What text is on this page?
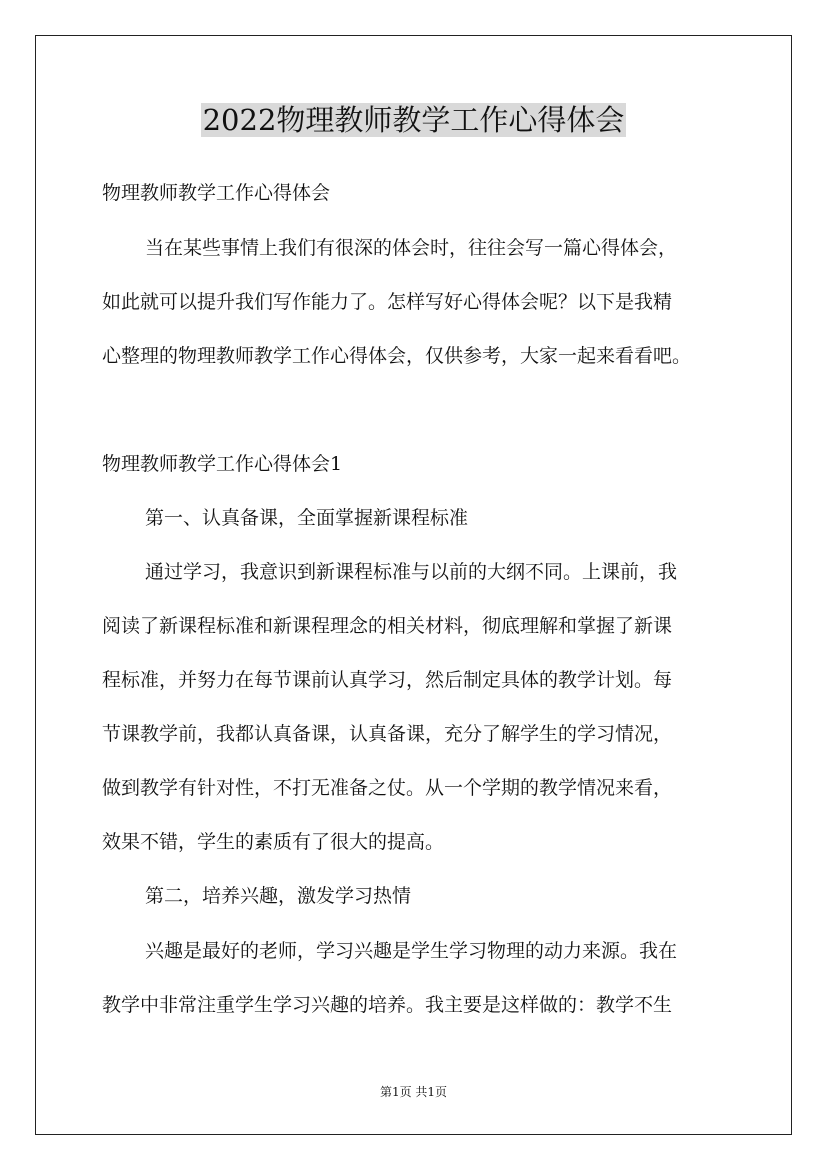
2022物理教师教学工作心得体会
物理教师教学工作心得体会
当在某些事情上我们有很深的体会时，往往会写一篇心得体会，
如此就可以提升我们写作能力了。怎样写好心得体会呢？以下是我精
心整理的物理教师教学工作心得体会，仅供参考，大家一起来看看吧。
物理教师教学工作心得体会1
第一、认真备课，全面掌握新课程标准
通过学习，我意识到新课程标准与以前的大纲不同。上课前，我
阅读了新课程标准和新课程理念的相关材料，彻底理解和掌握了新课
程标准，并努力在每节课前认真学习，然后制定具体的教学计划。每
节课教学前，我都认真备课，认真备课，充分了解学生的学习情况，
做到教学有针对性，不打无准备之仗。从一个学期的教学情况来看，
效果不错，学生的素质有了很大的提高。
第二，培养兴趣，激发学习热情
兴趣是最好的老师，学习兴趣是学生学习物理的动力来源。我在
教学中非常注重学生学习兴趣的培养。我主要是这样做的：教学不生
第1页 共1页
